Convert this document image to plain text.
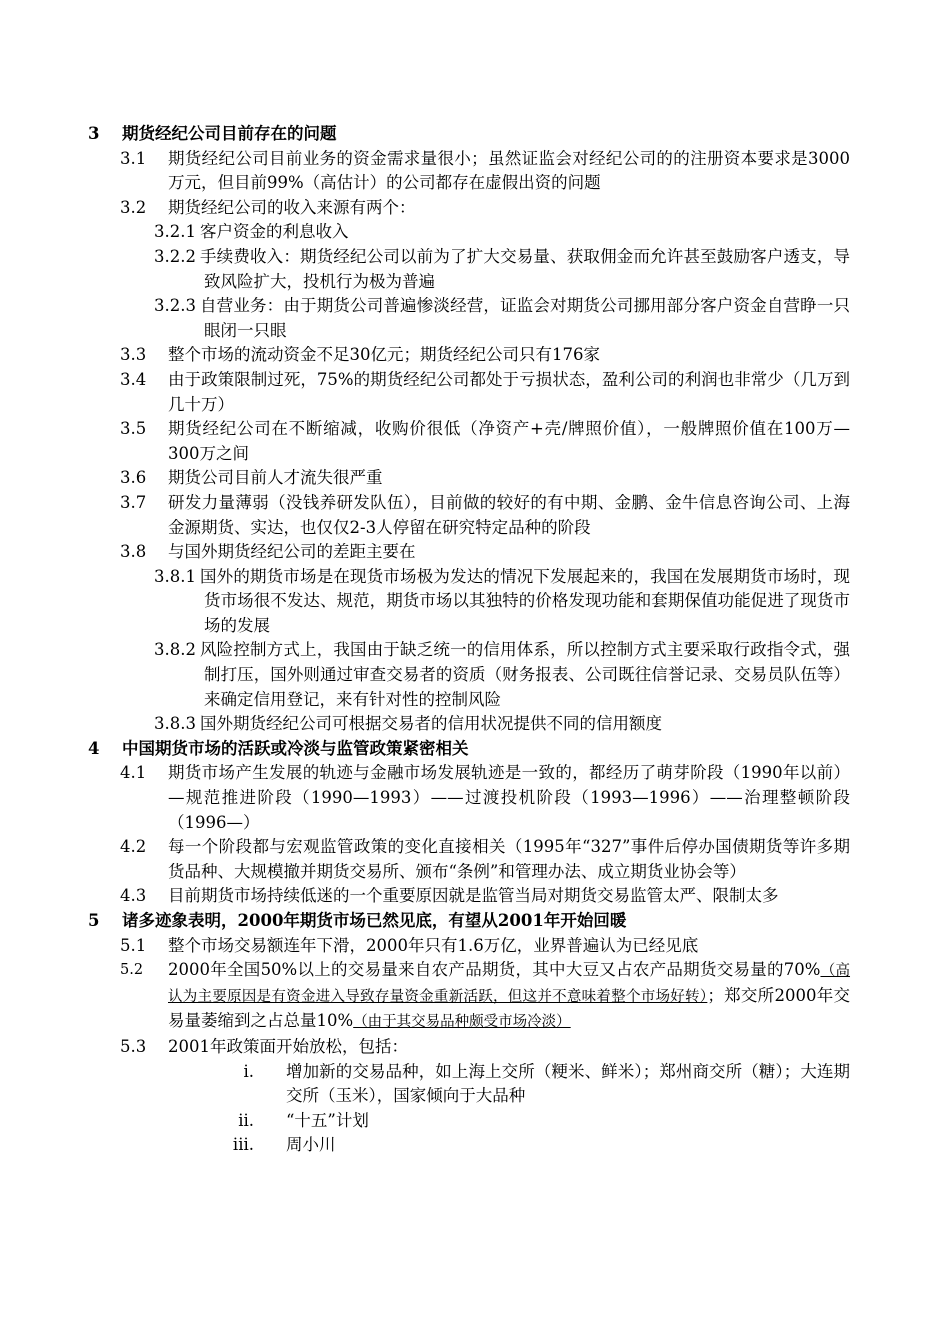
3 期货经纪公司目前存在的问题
3.1 期货经纪公司目前业务的资金需求量很小；虽然证监会对经纪公司的的注册资本要求是3000万元，但目前99%（高估计）的公司都存在虚假出资的问题
3.2 期货经纪公司的收入来源有两个：
3.2.1 客户资金的利息收入
3.2.2 手续费收入：期货经纪公司以前为了扩大交易量、获取佣金而允许甚至鼓励客户透支，导致风险扩大，投机行为极为普遍
3.2.3 自营业务：由于期货公司普遍惨淡经营，证监会对期货公司挪用部分客户资金自营睁一只眼闭一只眼
3.3 整个市场的流动资金不足30亿元；期货经纪公司只有176家
3.4 由于政策限制过死，75%的期货经纪公司都处于亏损状态，盈利公司的利润也非常少（几万到几十万）
3.5 期货经纪公司在不断缩减，收购价很低（净资产+壳/牌照价值），一般牌照价值在100万—300万之间
3.6 期货公司目前人才流失很严重
3.7 研发力量薄弱（没钱养研发队伍），目前做的较好的有中期、金鹏、金牛信息咨询公司、上海金源期货、实达，也仅仅2-3人停留在研究特定品种的阶段
3.8 与国外期货经纪公司的差距主要在
3.8.1 国外的期货市场是在现货市场极为发达的情况下发展起来的，我国在发展期货市场时，现货市场很不发达、规范，期货市场以其独特的价格发现功能和套期保值功能促进了现货市场的发展
3.8.2 风险控制方式上，我国由于缺乏统一的信用体系，所以控制方式主要采取行政指令式，强制打压，国外则通过审查交易者的资质（财务报表、公司既往信誉记录、交易员队伍等）来确定信用登记，来有针对性的控制风险
3.8.3 国外期货经纪公司可根据交易者的信用状况提供不同的信用额度
4 中国期货市场的活跃或冷淡与监管政策紧密相关
4.1 期货市场产生发展的轨迹与金融市场发展轨迹是一致的，都经历了萌芽阶段（1990年以前）—规范推进阶段（1990—1993）——过渡投机阶段（1993—1996）——治理整顿阶段（1996—）
4.2 每一个阶段都与宏观监管政策的变化直接相关（1995年“327”事件后停办国债期货等许多期货品种、大规模撤并期货交易所、颁布“条例”和管理办法、成立期货业协会等）
4.3 目前期货市场持续低迷的一个重要原因就是监管当局对期货交易监管太严、限制太多
5 诸多迹象表明，2000年期货市场已然见底，有望从2001年开始回暖
5.1 整个市场交易额连年下滑，2000年只有1.6万亿，业界普遍认为已经见底
5.2 2000年全国50%以上的交易量来自农产品期货，其中大豆又占农产品期货交易量的70%（高认为主要原因是有资金进入导致存量资金重新活跃，但这并不意味着整个市场好转）；郑交所2000年交易量萎缩到之占总量10%（由于其交易品种颇受市场冷淡）
5.3 2001年政策面开始放松，包括：
i. 增加新的交易品种，如上海上交所（粳米、鲜米）；郑州商交所（糖）；大连期交所（玉米），国家倾向于大品种
ii. “十五”计划
iii. 周小川
